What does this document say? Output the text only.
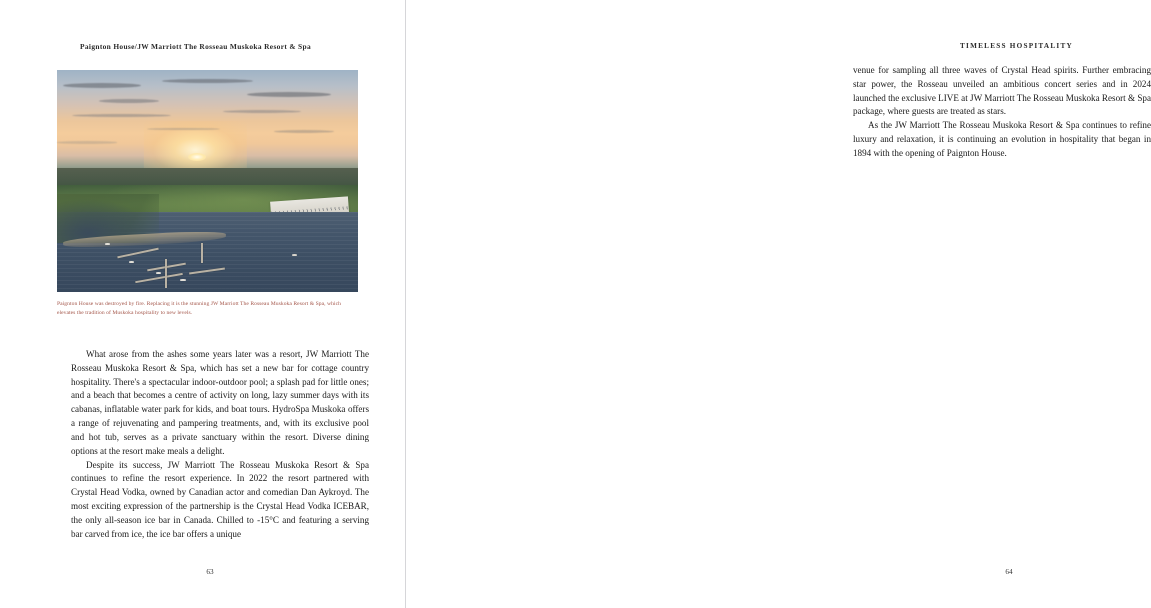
Paignton House/JW Marriott The Rosseau Muskoka Resort & Spa
Paignton House was destroyed by fire. Replacing it is the stunning JW Marriott The Rosseau Muskoka Resort & Spa, which elevates the tradition of Muskoka hospitality to new levels.

What arose from the ashes some years later was a resort, JW Marriott The Rosseau Muskoka Resort & Spa, which has set a new bar for cottage country hospitality. There's a spectacular indoor-outdoor pool; a splash pad for little ones; and a beach that becomes a centre of activity on long, lazy summer days with its cabanas, inflatable water park for kids, and boat tours. HydroSpa Muskoka offers a range of rejuvenating and pampering treatments, and, with its exclusive pool and hot tub, serves as a private sanctuary within the resort. Diverse dining options at the resort make meals a delight.

Despite its success, JW Marriott The Rosseau Muskoka Resort & Spa continues to refine the resort experience. In 2022 the resort partnered with Crystal Head Vodka, owned by Canadian actor and comedian Dan Aykroyd. The most exciting expression of the partnership is the Crystal Head Vodka ICEBAR, the only all-season ice bar in Canada. Chilled to -15°C and featuring a serving bar carved from ice, the ice bar offers a unique

63
TIMELESS HOSPITALITY

venue for sampling all three waves of Crystal Head spirits. Further embracing star power, the Rosseau unveiled an ambitious concert series and in 2024 launched the exclusive LIVE at JW Marriott The Rosseau Muskoka Resort & Spa package, where guests are treated as stars.

As the JW Marriott The Rosseau Muskoka Resort & Spa continues to refine luxury and relaxation, it is continuing an evolution in hospitality that began in 1894 with the opening of Paignton House.

64
